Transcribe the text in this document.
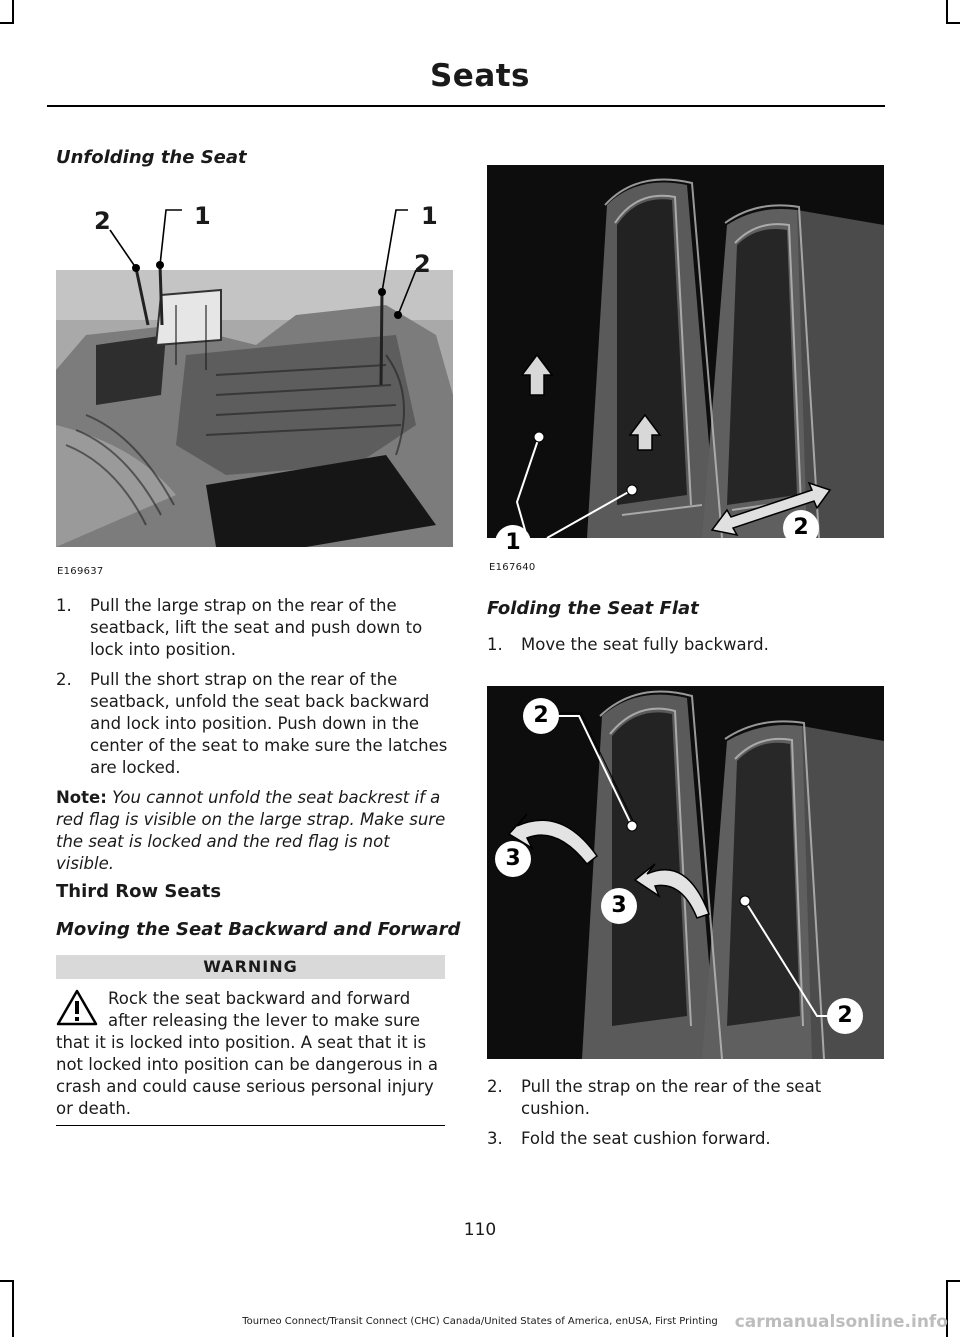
Seats
Unfolding the Seat
2	1	1
2
E169637
1. Pull the large strap on the rear of the seatback, lift the seat and push down to lock into position.
2. Pull the short strap on the rear of the seatback, unfold the seat back backward and lock into position. Push down in the center of the seat to make sure the latches are locked.
Note: You cannot unfold the seat backrest if a red flag is visible on the large strap. Make sure the seat is locked and the red flag is not visible.
Third Row Seats
Moving the Seat Backward and Forward
WARNING
Rock the seat backward and forward after releasing the lever to make sure that it is locked into position. A seat that it is not locked into position can be dangerous in a crash and could cause serious personal injury or death.
1
2
E167640
Folding the Seat Flat
1. Move the seat fully backward.
2
3
3
2
2. Pull the strap on the rear of the seat cushion.
3. Fold the seat cushion forward.
110
Tourneo Connect/Transit Connect (CHC) Canada/United States of America, enUSA, First Printing carmanualsonline.info
